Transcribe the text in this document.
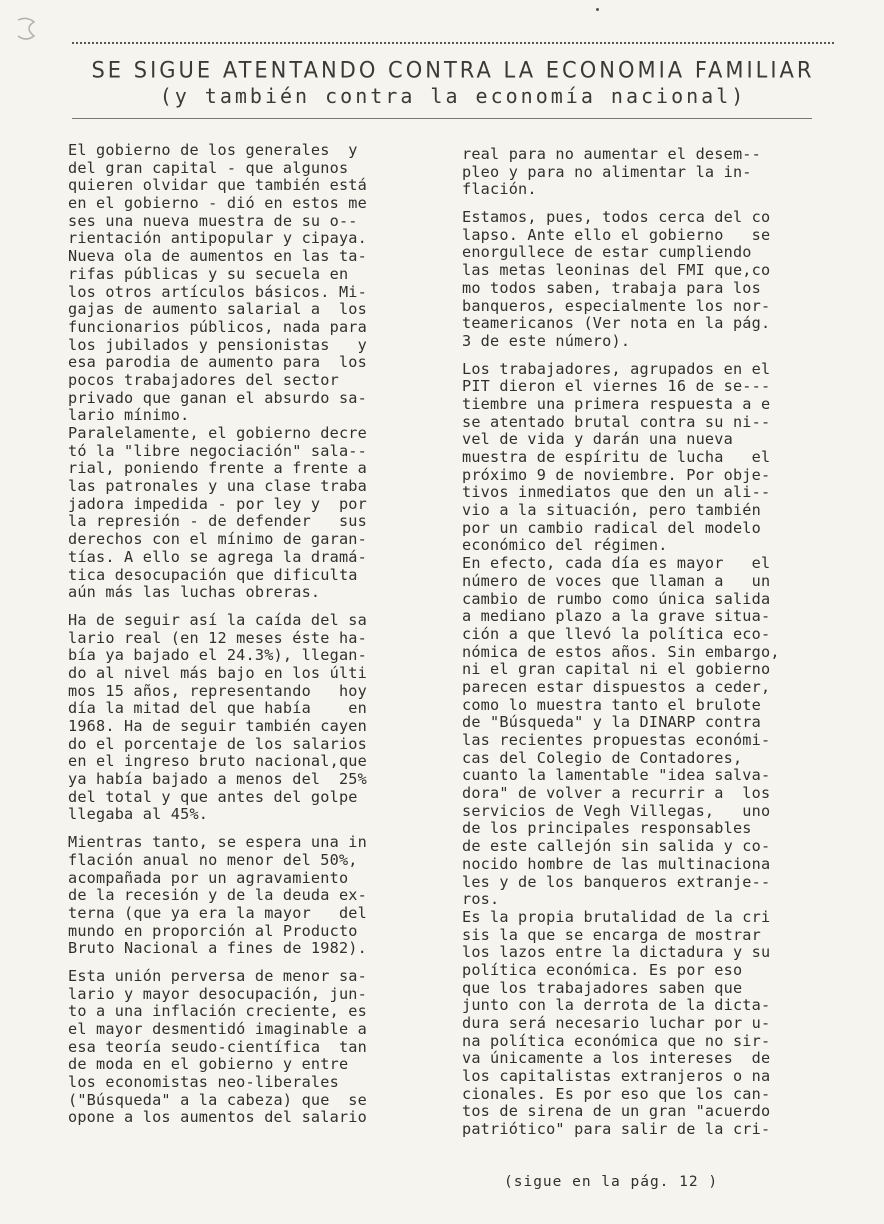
SE SIGUE ATENTANDO CONTRA LA ECONOMIA FAMILIAR
(y también contra la economía nacional)
El gobierno de los generales  y
del gran capital - que algunos
quieren olvidar que también está
en el gobierno - dió en estos me
ses una nueva muestra de su o--
rientación antipopular y cipaya.
Nueva ola de aumentos en las ta-
rifas públicas y su secuela en
los otros artículos básicos. Mi-
gajas de aumento salarial a  los
funcionarios públicos, nada para
los jubilados y pensionistas   y
esa parodia de aumento para  los
pocos trabajadores del sector
privado que ganan el absurdo sa-
lario mínimo.
Paralelamente, el gobierno decre
tó la "libre negociación" sala--
rial, poniendo frente a frente a
las patronales y una clase traba
jadora impedida - por ley y  por
la represión - de defender   sus
derechos con el mínimo de garan-
tías. A ello se agrega la dramá-
tica desocupación que dificulta
aún más las luchas obreras.
Ha de seguir así la caída del sa
lario real (en 12 meses éste ha-
bía ya bajado el 24.3%), llegan-
do al nivel más bajo en los últi
mos 15 años, representando   hoy
día la mitad del que había    en
1968. Ha de seguir también cayen
do el porcentaje de los salarios
en el ingreso bruto nacional,que
ya había bajado a menos del  25%
del total y que antes del golpe
llegaba al 45%.
Mientras tanto, se espera una in
flación anual no menor del 50%,
acompañada por un agravamiento
de la recesión y de la deuda ex-
terna (que ya era la mayor   del
mundo en proporción al Producto
Bruto Nacional a fines de 1982).
Esta unión perversa de menor sa-
lario y mayor desocupación, jun-
to a una inflación creciente, es
el mayor desmentidó imaginable a
esa teoría seudo-científica  tan
de moda en el gobierno y entre
los economistas neo-liberales
("Búsqueda" a la cabeza) que  se
opone a los aumentos del salario
real para no aumentar el desem--
pleo y para no alimentar la in-
flación.
Estamos, pues, todos cerca del co
lapso. Ante ello el gobierno   se
enorgullece de estar cumpliendo
las metas leoninas del FMI que,co
mo todos saben, trabaja para los
banqueros, especialmente los nor-
teamericanos (Ver nota en la pág.
3 de este número).
Los trabajadores, agrupados en el
PIT dieron el viernes 16 de se---
tiembre una primera respuesta a e
se atentado brutal contra su ni--
vel de vida y darán una nueva
muestra de espíritu de lucha   el
próximo 9 de noviembre. Por obje-
tivos inmediatos que den un ali--
vio a la situación, pero también
por un cambio radical del modelo
económico del régimen.
En efecto, cada día es mayor   el
número de voces que llaman a   un
cambio de rumbo como única salida
a mediano plazo a la grave situa-
ción a que llevó la política eco-
nómica de estos años. Sin embargo,
ni el gran capital ni el gobierno
parecen estar dispuestos a ceder,
como lo muestra tanto el brulote
de "Búsqueda" y la DINARP contra
las recientes propuestas económi-
cas del Colegio de Contadores,
cuanto la lamentable "idea salva-
dora" de volver a recurrir a  los
servicios de Vegh Villegas,   uno
de los principales responsables
de este callejón sin salida y co-
nocido hombre de las multinaciona
les y de los banqueros extranje--
ros.
Es la propia brutalidad de la cri
sis la que se encarga de mostrar
los lazos entre la dictadura y su
política económica. Es por eso
que los trabajadores saben que
junto con la derrota de la dicta-
dura será necesario luchar por u-
na política económica que no sir-
va únicamente a los intereses  de
los capitalistas extranjeros o na
cionales. Es por eso que los can-
tos de sirena de un gran "acuerdo
patriótico" para salir de la cri-
(sigue en la pág. 12 )
